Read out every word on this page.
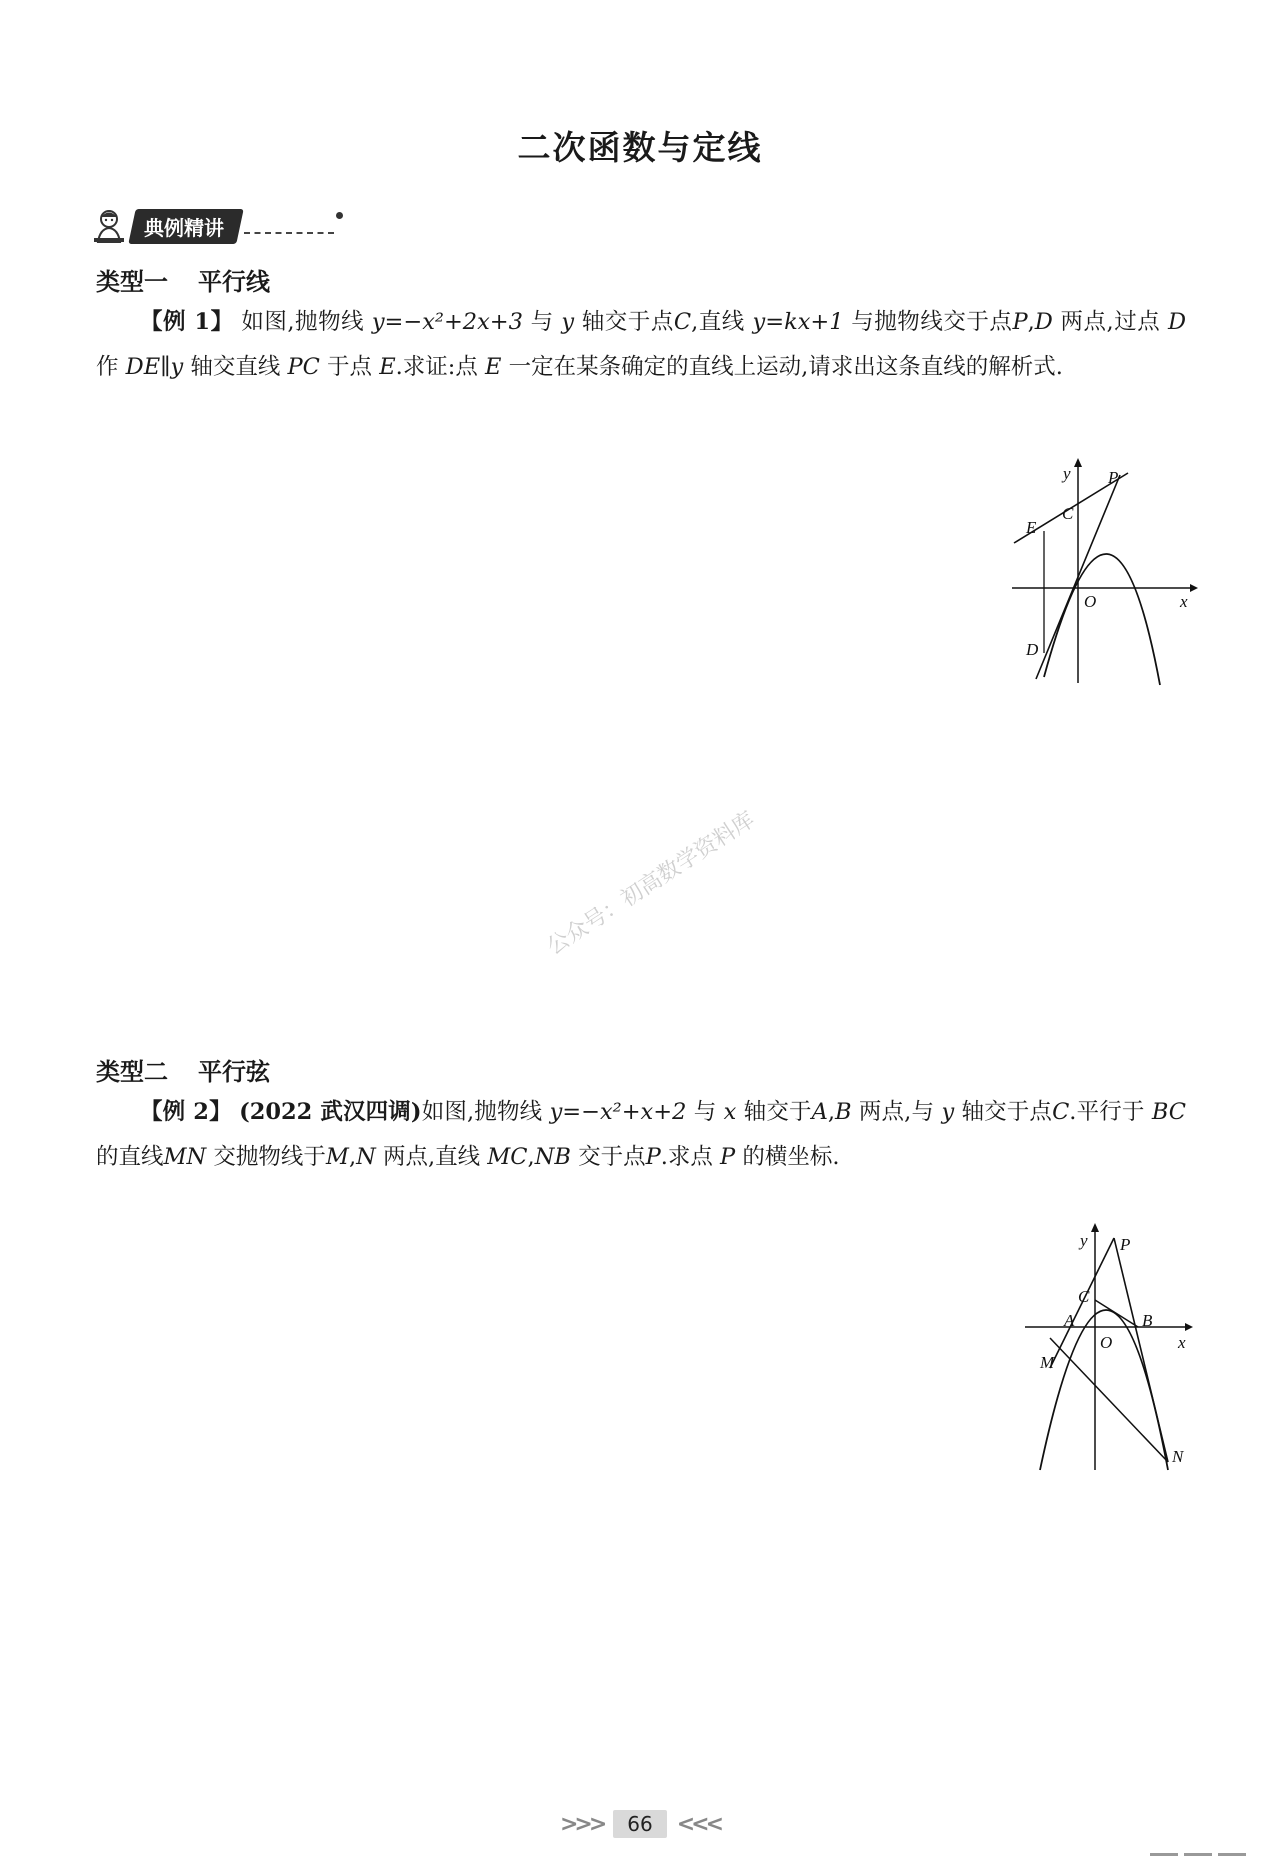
二次函数与定线
典例精讲
类型一 平行线
【例 1】 如图,抛物线 y=−x²+2x+3 与 y 轴交于点C,直线 y=kx+1 与抛物线交于点P,D 两点,过点 D 作 DE∥y 轴交直线 PC 于点 E.求证:点 E 一定在某条确定的直线上运动,请求出这条直线的解析式.
y P
C
E
O	x
D
公众号：初高数学资料库
类型二 平行弦
【例 2】 (2022 武汉四调)如图,抛物线 y=−x²+x+2 与 x 轴交于A,B 两点,与 y 轴交于点C.平行于 BC 的直线MN 交抛物线于M,N 两点,直线 MC,NB 交于点P.求点 P 的横坐标.
y P
C
A	B
O	x
M
N
>>>	66	<<<
